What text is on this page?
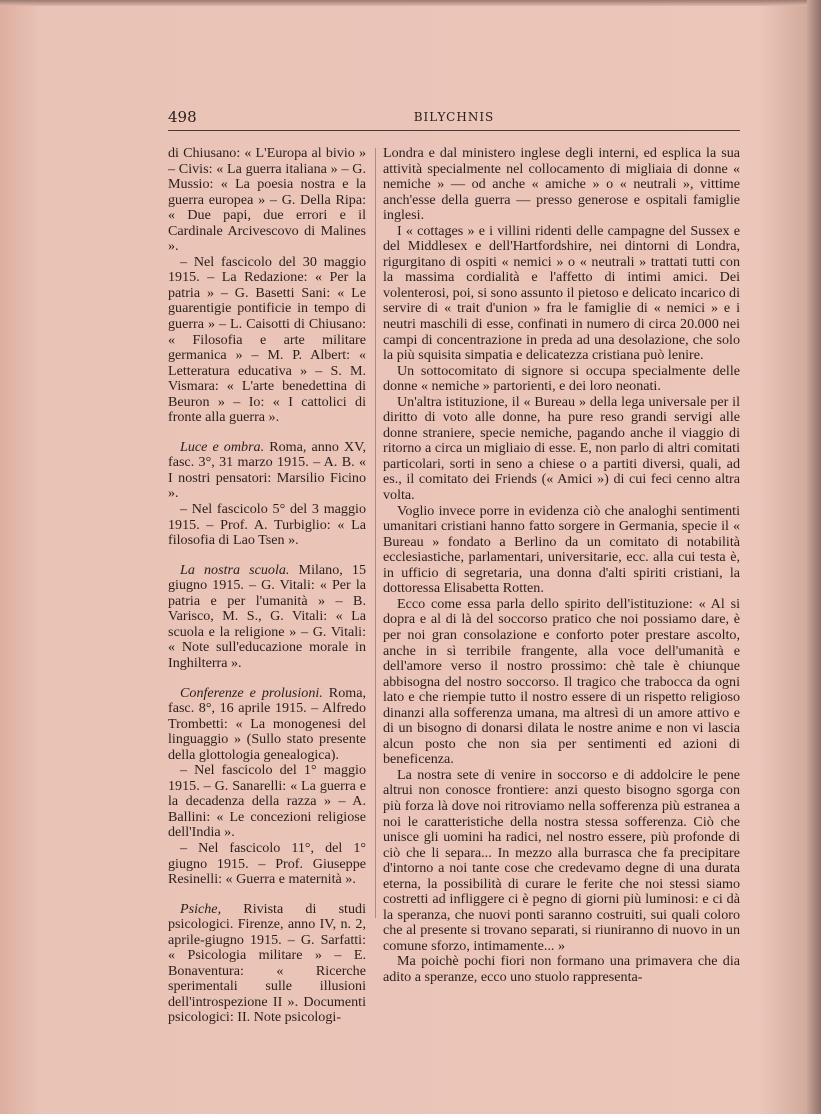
498	BILYCHNIS

di Chiusano: « L'Europa al bivio » – Civis: « La guerra italiana » – G. Mussio: « La poesia nostra e la guerra europea » – G. Della Ripa: « Due papi, due errori e il Cardinale Arcivescovo di Malines ».

– Nel fascicolo del 30 maggio 1915. – La Redazione: « Per la patria » – G. Basetti Sani: « Le guarentigie pontificie in tempo di guerra » – L. Caisotti di Chiusano: « Filosofia e arte militare germanica » – M. P. Albert: « Letteratura educativa » – S. M. Vismara: « L'arte benedettina di Beuron » – Io: « I cattolici di fronte alla guerra ».

Luce e ombra. Roma, anno XV, fasc. 3°, 31 marzo 1915. – A. B. « I nostri pensatori: Marsilio Ficino ».

– Nel fascicolo 5° del 3 maggio 1915. – Prof. A. Turbiglio: « La filosofia di Lao Tsen ».

La nostra scuola. Milano, 15 giugno 1915. – G. Vitali: « Per la patria e per l'umanità » – B. Varisco, M. S., G. Vitali: « La scuola e la religione » – G. Vitali: « Note sull'educazione morale in Inghilterra ».

Conferenze e prolusioni. Roma, fasc. 8°, 16 aprile 1915. – Alfredo Trombetti: « La monogenesi del linguaggio » (Sullo stato presente della glottologia genealogica).

– Nel fascicolo del 1° maggio 1915. – G. Sanarelli: « La guerra e la decadenza della razza » – A. Ballini: « Le concezioni religiose dell'India ».

– Nel fascicolo 11°, del 1° giugno 1915. – Prof. Giuseppe Resinelli: « Guerra e maternità ».

Psiche, Rivista di studi psicologici. Firenze, anno IV, n. 2, aprile-giugno 1915. – G. Sarfatti: « Psicologia militare » – E. Bonaventura: « Ricerche sperimentali sulle illusioni dell'introspezione II ». Documenti psicologici: II. Note psicologi-

Londra e dal ministero inglese degli interni, ed esplica la sua attività specialmente nel collocamento di migliaia di donne « nemiche » — od anche « amiche » o « neutrali », vittime anch'esse della guerra — presso generose e ospitali famiglie inglesi.

I « cottages » e i villini ridenti delle campagne del Sussex e del Middlesex e dell'Hartfordshire, nei dintorni di Londra, rigurgitano di ospiti « nemici » o « neutrali » trattati tutti con la massima cordialità e l'affetto di intimi amici. Dei volenterosi, poi, si sono assunto il pietoso e delicato incarico di servire di « trait d'union » fra le famiglie di « nemici » e i neutri maschili di esse, confinati in numero di circa 20.000 nei campi di concentrazione in preda ad una desolazione, che solo la più squisita simpatia e delicatezza cristiana può lenire.

Un sottocomitato di signore si occupa specialmente delle donne « nemiche » partorienti, e dei loro neonati.

Un'altra istituzione, il « Bureau » della lega universale per il diritto di voto alle donne, ha pure reso grandi servigi alle donne straniere, specie nemiche, pagando anche il viaggio di ritorno a circa un migliaio di esse. E, non parlo di altri comitati particolari, sorti in seno a chiese o a partiti diversi, quali, ad es., il comitato dei Friends (« Amici ») di cui feci cenno altra volta.

Voglio invece porre in evidenza ciò che analoghi sentimenti umanitari cristiani hanno fatto sorgere in Germania, specie il « Bureau » fondato a Berlino da un comitato di notabilità ecclesiastiche, parlamentari, universitarie, ecc. alla cui testa è, in ufficio di segretaria, una donna d'alti spiriti cristiani, la dottoressa Elisabetta Rotten.

Ecco come essa parla dello spirito dell'istituzione: « Al si dopra e al di là del soccorso pratico che noi possiamo dare, è per noi gran consolazione e conforto poter prestare ascolto, anche in sì terribile frangente, alla voce dell'umanità e dell'amore verso il nostro prossimo: chè tale è chiunque abbisogna del nostro soccorso. Il tragico che trabocca da ogni lato e che riempie tutto il nostro essere di un rispetto religioso dinanzi alla sofferenza umana, ma altresì di un amore attivo e di un bisogno di donarsi dilata le nostre anime e non vi lascia alcun posto che non sia per sentimenti ed azioni di beneficenza.

La nostra sete di venire in soccorso e di addolcire le pene altrui non conosce frontiere: anzi questo bisogno sgorga con più forza là dove noi ritroviamo nella sofferenza più estranea a noi le caratteristiche della nostra stessa sofferenza. Ciò che unisce gli uomini ha radici, nel nostro essere, più profonde di ciò che li separa... In mezzo alla burrasca che fa precipitare d'intorno a noi tante cose che credevamo degne di una durata eterna, la possibilità di curare le ferite che noi stessi siamo costretti ad infliggere ci è pegno di giorni più luminosi: e ci dà la speranza, che nuovi ponti saranno costruiti, sui quali coloro che al presente si trovano separati, si riuniranno di nuovo in un comune sforzo, intimamente... »

Ma poichè pochi fiori non formano una primavera che dia adito a speranze, ecco uno stuolo rappresenta-
